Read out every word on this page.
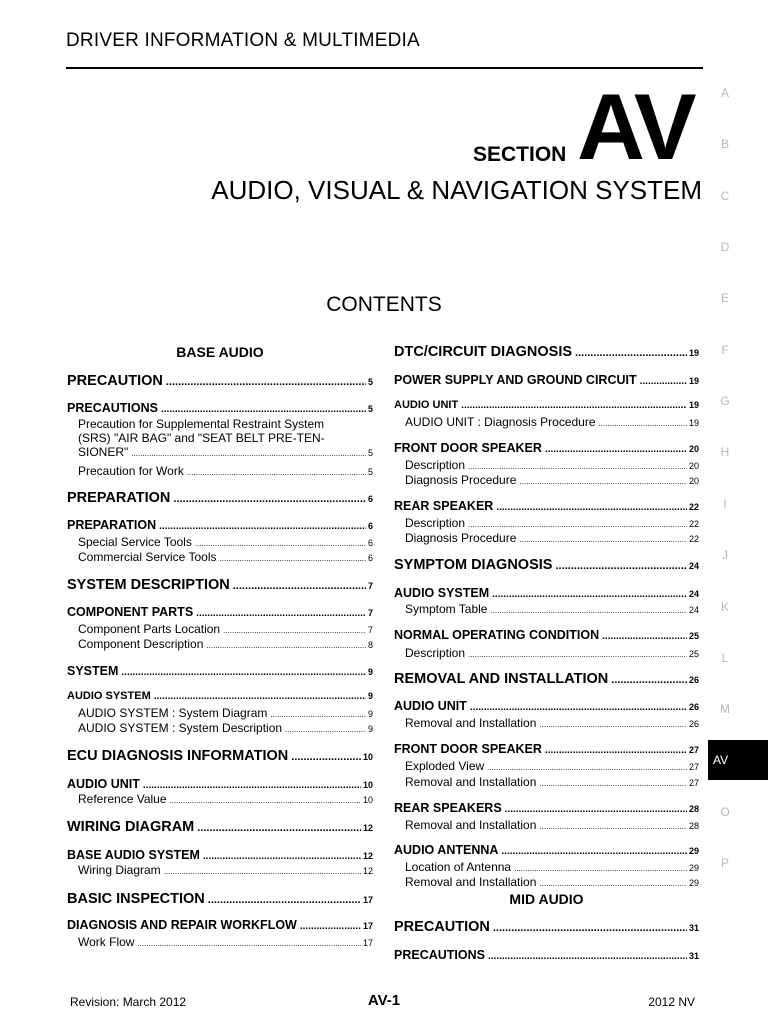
DRIVER INFORMATION & MULTIMEDIA
A
B
C
D
E
F
G
H
I
J
K
L
M
O
P
AV
SECTION AV
AUDIO, VISUAL & NAVIGATION SYSTEM
CONTENTS
BASE AUDIO
PRECAUTION .....	5
PRECAUTIONS .....	5
Precaution for Supplemental Restraint System
(SRS) "AIR BAG" and "SEAT BELT PRE-TEN-
SIONER" .....	5
Precaution for Work .....	5
PREPARATION .....	6
PREPARATION .....	6
Special Service Tools .....	6
Commercial Service Tools .....	6
SYSTEM DESCRIPTION .....	7
COMPONENT PARTS .....	7
Component Parts Location .....	7
Component Description .....	8
SYSTEM .....	9
AUDIO SYSTEM .....	9
AUDIO SYSTEM : System Diagram .....	9
AUDIO SYSTEM : System Description .....	9
ECU DIAGNOSIS INFORMATION .....	10
AUDIO UNIT .....	10
Reference Value .....	10
WIRING DIAGRAM .....	12
BASE AUDIO SYSTEM .....	12
Wiring Diagram .....	12
BASIC INSPECTION .....	17
DIAGNOSIS AND REPAIR WORKFLOW .....	17
Work Flow .....	17
DTC/CIRCUIT DIAGNOSIS .....	19
POWER SUPPLY AND GROUND CIRCUIT .....	19
AUDIO UNIT .....	19
AUDIO UNIT : Diagnosis Procedure .....	19
FRONT DOOR SPEAKER .....	20
Description .....	20
Diagnosis Procedure .....	20
REAR SPEAKER .....	22
Description .....	22
Diagnosis Procedure .....	22
SYMPTOM DIAGNOSIS .....	24
AUDIO SYSTEM .....	24
Symptom Table .....	24
NORMAL OPERATING CONDITION .....	25
Description .....	25
REMOVAL AND INSTALLATION .....	26
AUDIO UNIT .....	26
Removal and Installation .....	26
FRONT DOOR SPEAKER .....	27
Exploded View .....	27
Removal and Installation .....	27
REAR SPEAKERS .....	28
Removal and Installation .....	28
AUDIO ANTENNA .....	29
Location of Antenna .....	29
Removal and Installation .....	29
MID AUDIO
PRECAUTION .....	31
PRECAUTIONS .....	31
Revision: March 2012	AV-1	2012 NV
